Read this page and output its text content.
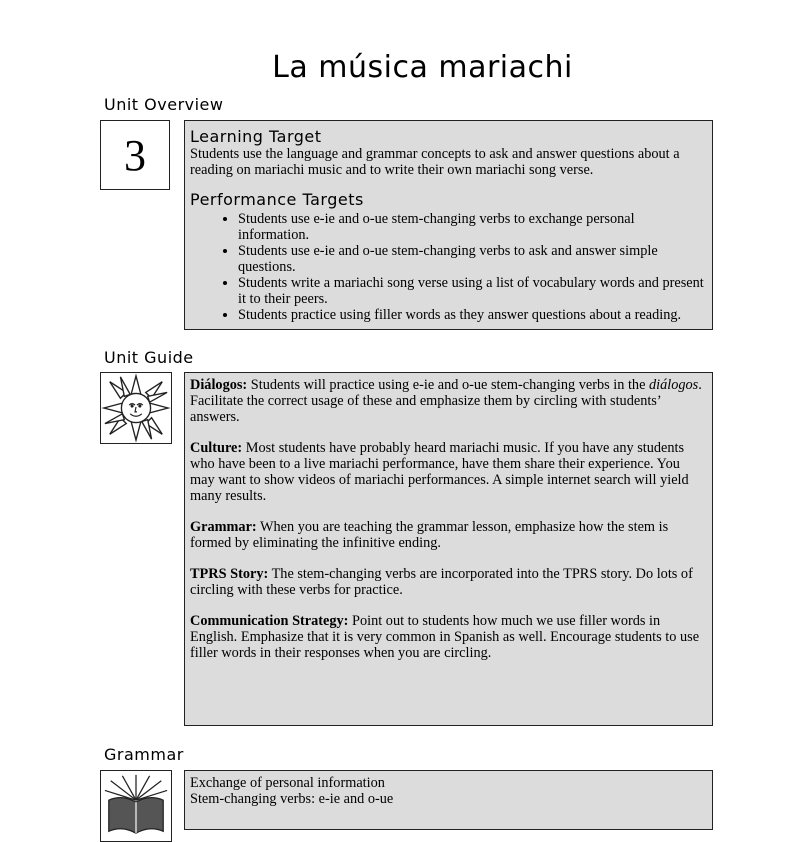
La música mariachi
Unit Overview
3	Learning Target

Students use the language and grammar concepts to ask and answer questions about a reading on mariachi music and to write their own mariachi song verse.

Performance Targets
• Students use e-ie and o-ue stem-changing verbs to exchange personal information.
• Students use e-ie and o-ue stem-changing verbs to ask and answer simple questions.
• Students write a mariachi song verse using a list of vocabulary words and present it to their peers.
• Students practice using filler words as they answer questions about a reading.
Unit Guide

Diálogos: Students will practice using e-ie and o-ue stem-changing verbs in the diálogos. Facilitate the correct usage of these and emphasize them by circling with students’ answers.

Culture: Most students have probably heard mariachi music. If you have any students who have been to a live mariachi performance, have them share their experience. You may want to show videos of mariachi performances. A simple internet search will yield many results.

Grammar: When you are teaching the grammar lesson, emphasize how the stem is formed by eliminating the infinitive ending.

TPRS Story: The stem-changing verbs are incorporated into the TPRS story. Do lots of circling with these verbs for practice.

Communication Strategy: Point out to students how much we use filler words in English. Emphasize that it is very common in Spanish as well. Encourage students to use filler words in their responses when you are circling.

Grammar

Exchange of personal information

Stem-changing verbs: e-ie and o-ue
